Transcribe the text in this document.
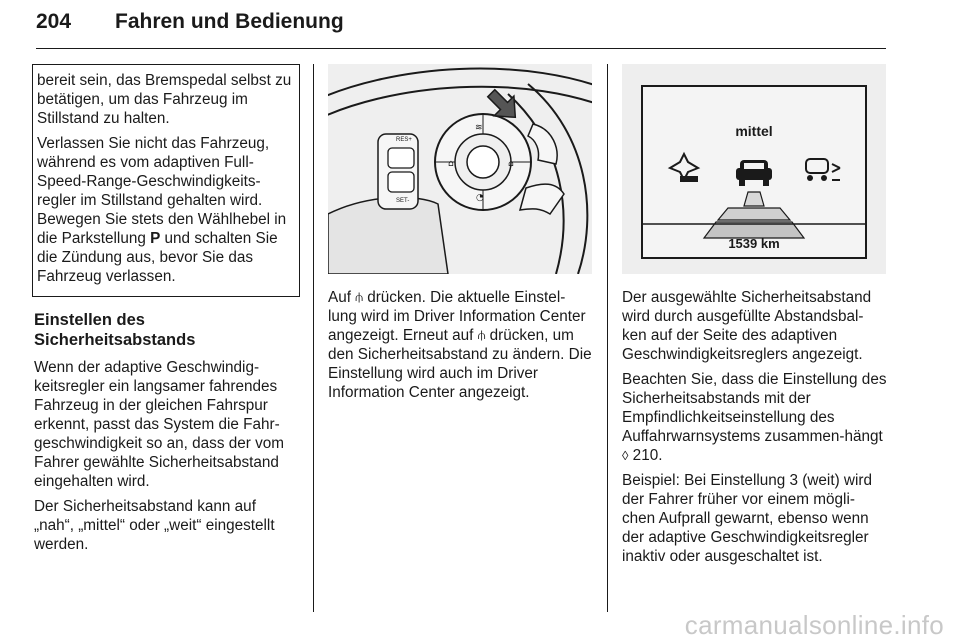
204 Fahren und Bedienung

bereit sein, das Bremspedal selbst zu betätigen, um das Fahrzeug im Stillstand zu halten.

Verlassen Sie nicht das Fahrzeug, während es vom adaptiven Full-Speed-Range-Geschwindigkeits-regler im Stillstand gehalten wird. Bewegen Sie stets den Wählhebel in die Parkstellung P und schalten Sie die Zündung aus, bevor Sie das Fahrzeug verlassen.

Einstellen des Sicherheitsabstands

Wenn der adaptive Geschwindig-keitsregler ein langsamer fahrendes Fahrzeug in der gleichen Fahrspur erkennt, passt das System die Fahr-geschwindigkeit so an, dass der vom Fahrer gewählte Sicherheitsabstand eingehalten wird.

Der Sicherheitsabstand kann auf „nah“, „mittel“ oder „weit“ eingestellt werden.

RES+
SET-
≋
⌂	⌂
◔

Auf ⫛ drücken. Die aktuelle Einstel-lung wird im Driver Information Center angezeigt. Erneut auf ⫛ drücken, um den Sicherheitsabstand zu ändern. Die Einstellung wird auch im Driver Information Center angezeigt.

mittel
1539 km

Der ausgewählte Sicherheitsabstand wird durch ausgefüllte Abstandsbal-ken auf der Seite des adaptiven Geschwindigkeitsreglers angezeigt.

Beachten Sie, dass die Einstellung des Sicherheitsabstands mit der Empfindlichkeitseinstellung des Auffahrwarnsystems zusammen-hängt ◊ 210.

Beispiel: Bei Einstellung 3 (weit) wird der Fahrer früher vor einem mögli-chen Aufprall gewarnt, ebenso wenn der adaptive Geschwindigkeitsregler inaktiv oder ausgeschaltet ist.

carmanualsonline.info
